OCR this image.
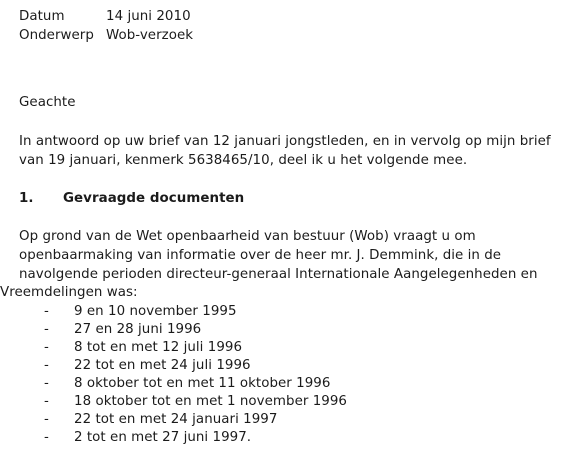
Datum	14 juni 2010
Onderwerp Wob-verzoek
Geachte
In antwoord op uw brief van 12 januari jongstleden, en in vervolg op mijn brief
van 19 januari, kenmerk 5638465/10, deel ik u het volgende mee.
1. Gevraagde documenten
Op grond van de Wet openbaarheid van bestuur (Wob) vraagt u om
openbaarmaking van informatie over de heer mr. J. Demmink, die in de
navolgende perioden directeur-generaal Internationale Aangelegenheden en
Vreemdelingen was:
- 9 en 10 november 1995
- 27 en 28 juni 1996
- 8 tot en met 12 juli 1996
- 22 tot en met 24 juli 1996
- 8 oktober tot en met 11 oktober 1996
- 18 oktober tot en met 1 november 1996
- 22 tot en met 24 januari 1997
- 2 tot en met 27 juni 1997.
